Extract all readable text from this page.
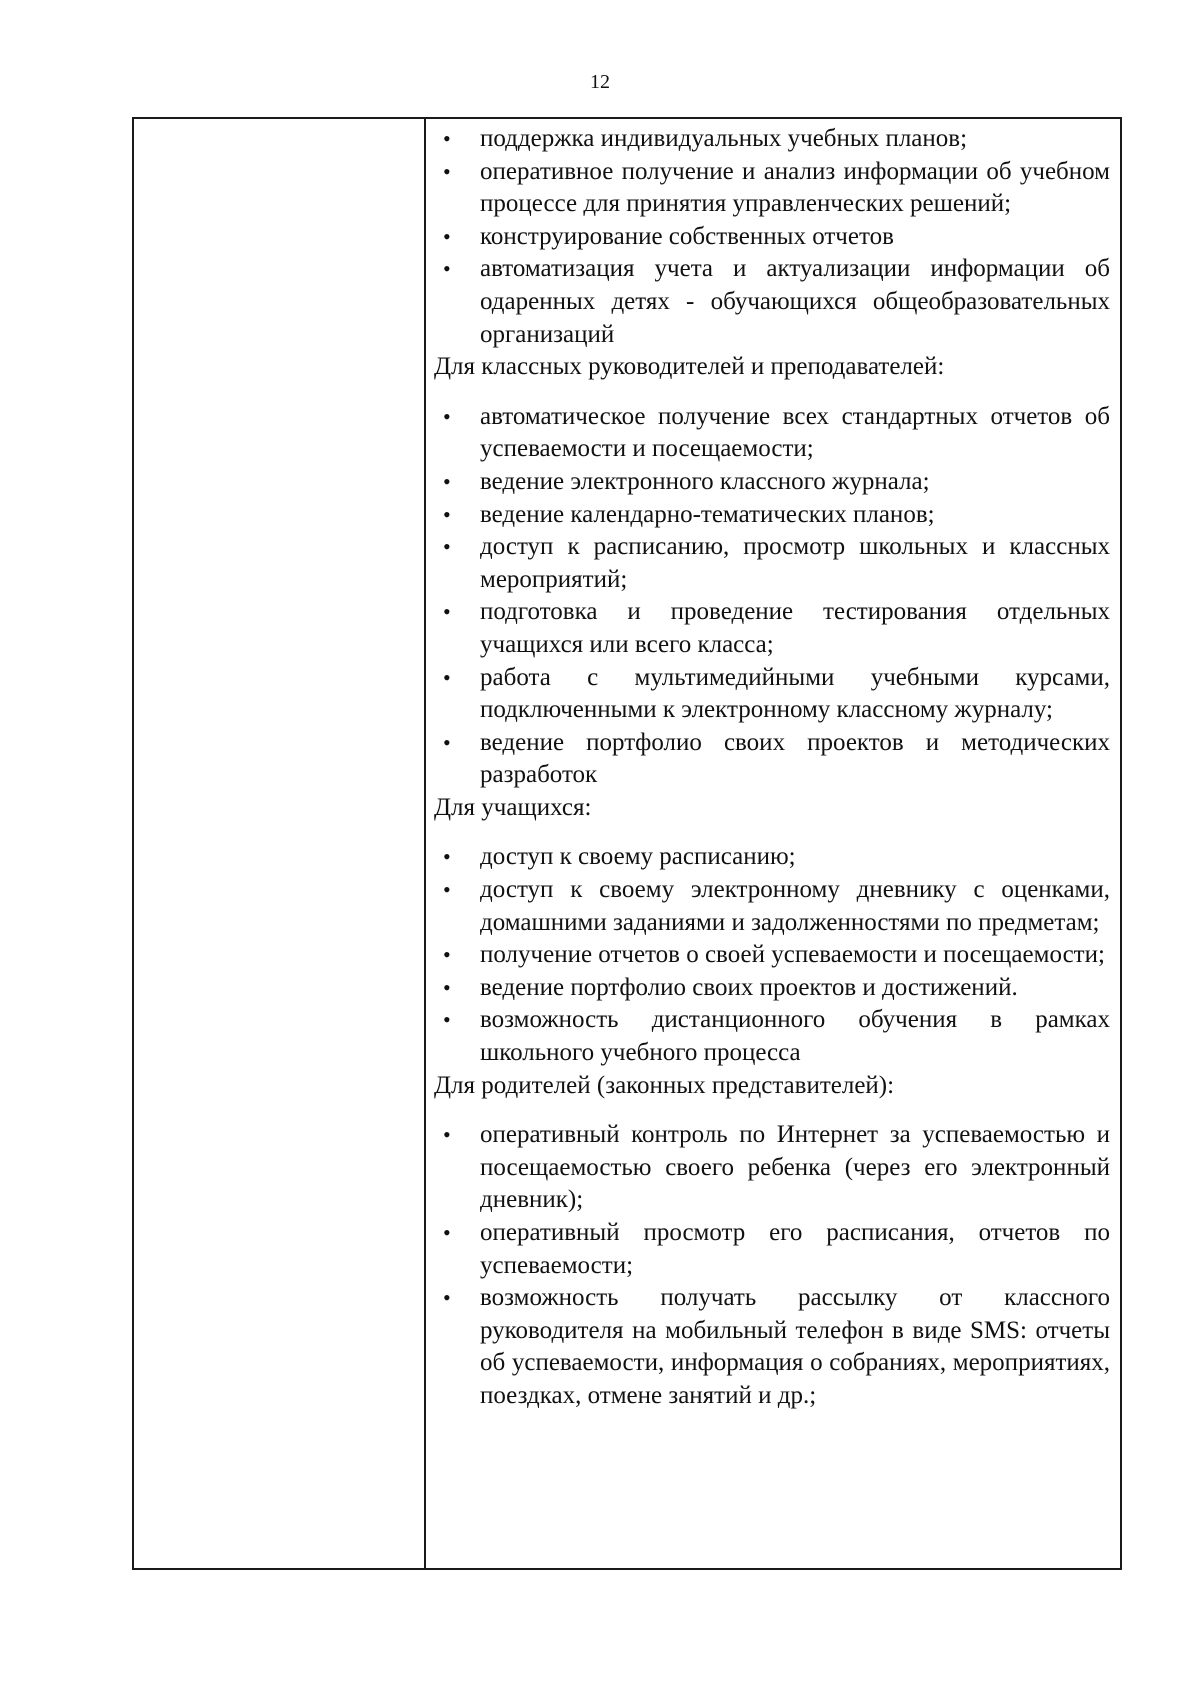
12
• поддержка индивидуальных учебных планов;
• оперативное получение и анализ информации об учебном процессе для принятия управленческих решений;
• конструирование собственных отчетов
• автоматизация учета и актуализации информации об одаренных детях - обучающихся общеобразовательных организаций

Для классных руководителей и преподавателей:

• автоматическое получение всех стандартных отчетов об успеваемости и посещаемости;
• ведение электронного классного журнала;
• ведение календарно-тематических планов;
• доступ к расписанию, просмотр школьных и классных мероприятий;
• подготовка и проведение тестирования отдельных учащихся или всего класса;
• работа с мультимедийными учебными курсами, подключенными к электронному классному журналу;
• ведение портфолио своих проектов и методических разработок

Для учащихся:

• доступ к своему расписанию;
• доступ к своему электронному дневнику с оценками, домашними заданиями и задолженностями по предметам;
• получение отчетов о своей успеваемости и посещаемости;
• ведение портфолио своих проектов и достижений.
• возможность дистанционного обучения в рамках школьного учебного процесса

Для родителей (законных представителей):

• оперативный контроль по Интернет за успеваемостью и посещаемостью своего ребенка (через его электронный дневник);
• оперативный просмотр его расписания, отчетов по успеваемости;
• возможность получать рассылку от классного руководителя на мобильный телефон в виде SMS: отчеты об успеваемости, информация о собраниях, мероприятиях, поездках, отмене занятий и др.;
